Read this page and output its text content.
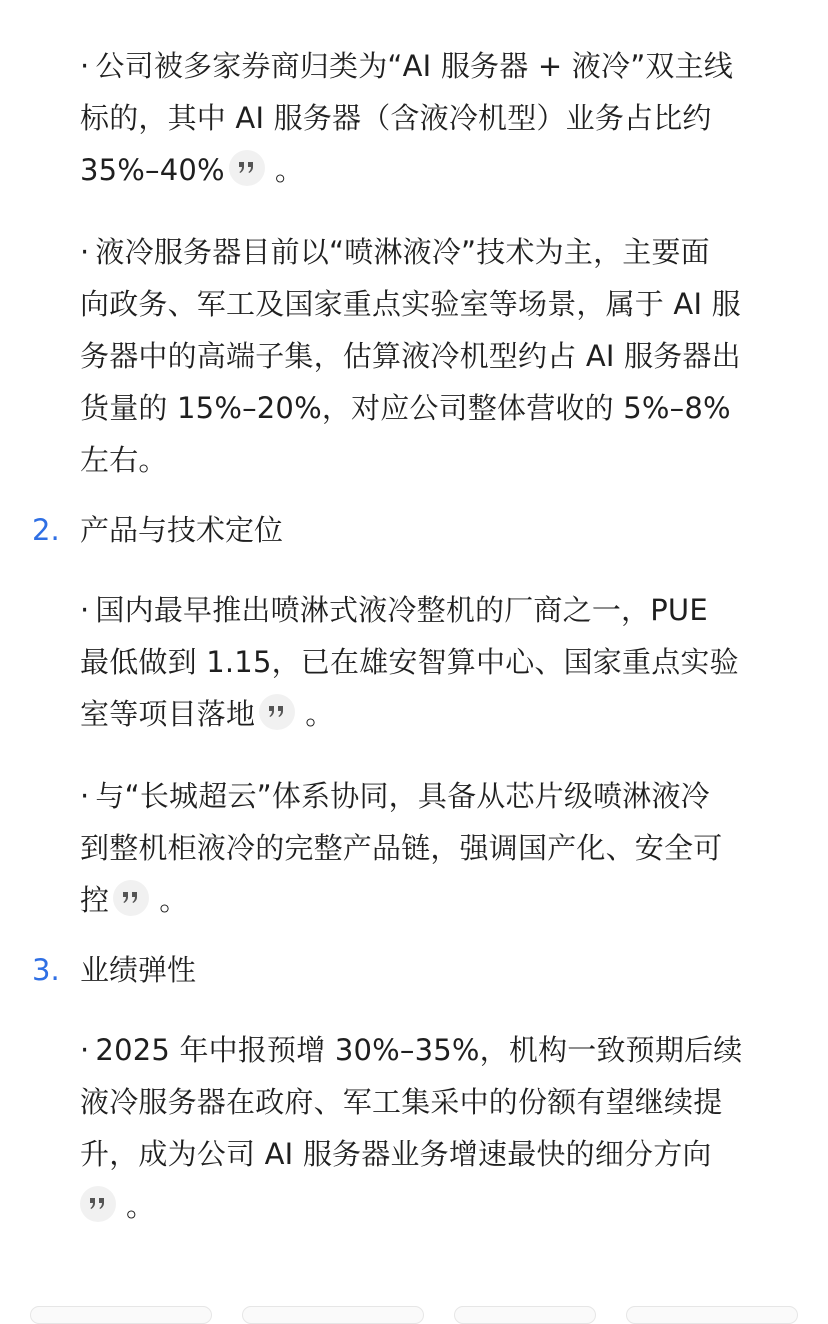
· 公司被多家券商归类为“AI 服务器 + 液冷”双主线
标的，其中 AI 服务器（含液冷机型）业务占比约
35%–40% 。
· 液冷服务器目前以“喷淋液冷”技术为主，主要面
向政务、军工及国家重点实验室等场景，属于 AI 服
务器中的高端子集，估算液冷机型约占 AI 服务器出
货量的 15%–20%，对应公司整体营收的 5%–8%
左右。
2. 产品与技术定位
· 国内最早推出喷淋式液冷整机的厂商之一，PUE
最低做到 1.15，已在雄安智算中心、国家重点实验
室等项目落地 。
· 与“长城超云”体系协同，具备从芯片级喷淋液冷
到整机柜液冷的完整产品链，强调国产化、安全可
控 。
3. 业绩弹性
· 2025 年中报预增 30%–35%，机构一致预期后续
液冷服务器在政府、军工集采中的份额有望继续提
升，成为公司 AI 服务器业务增速最快的细分方向

。
